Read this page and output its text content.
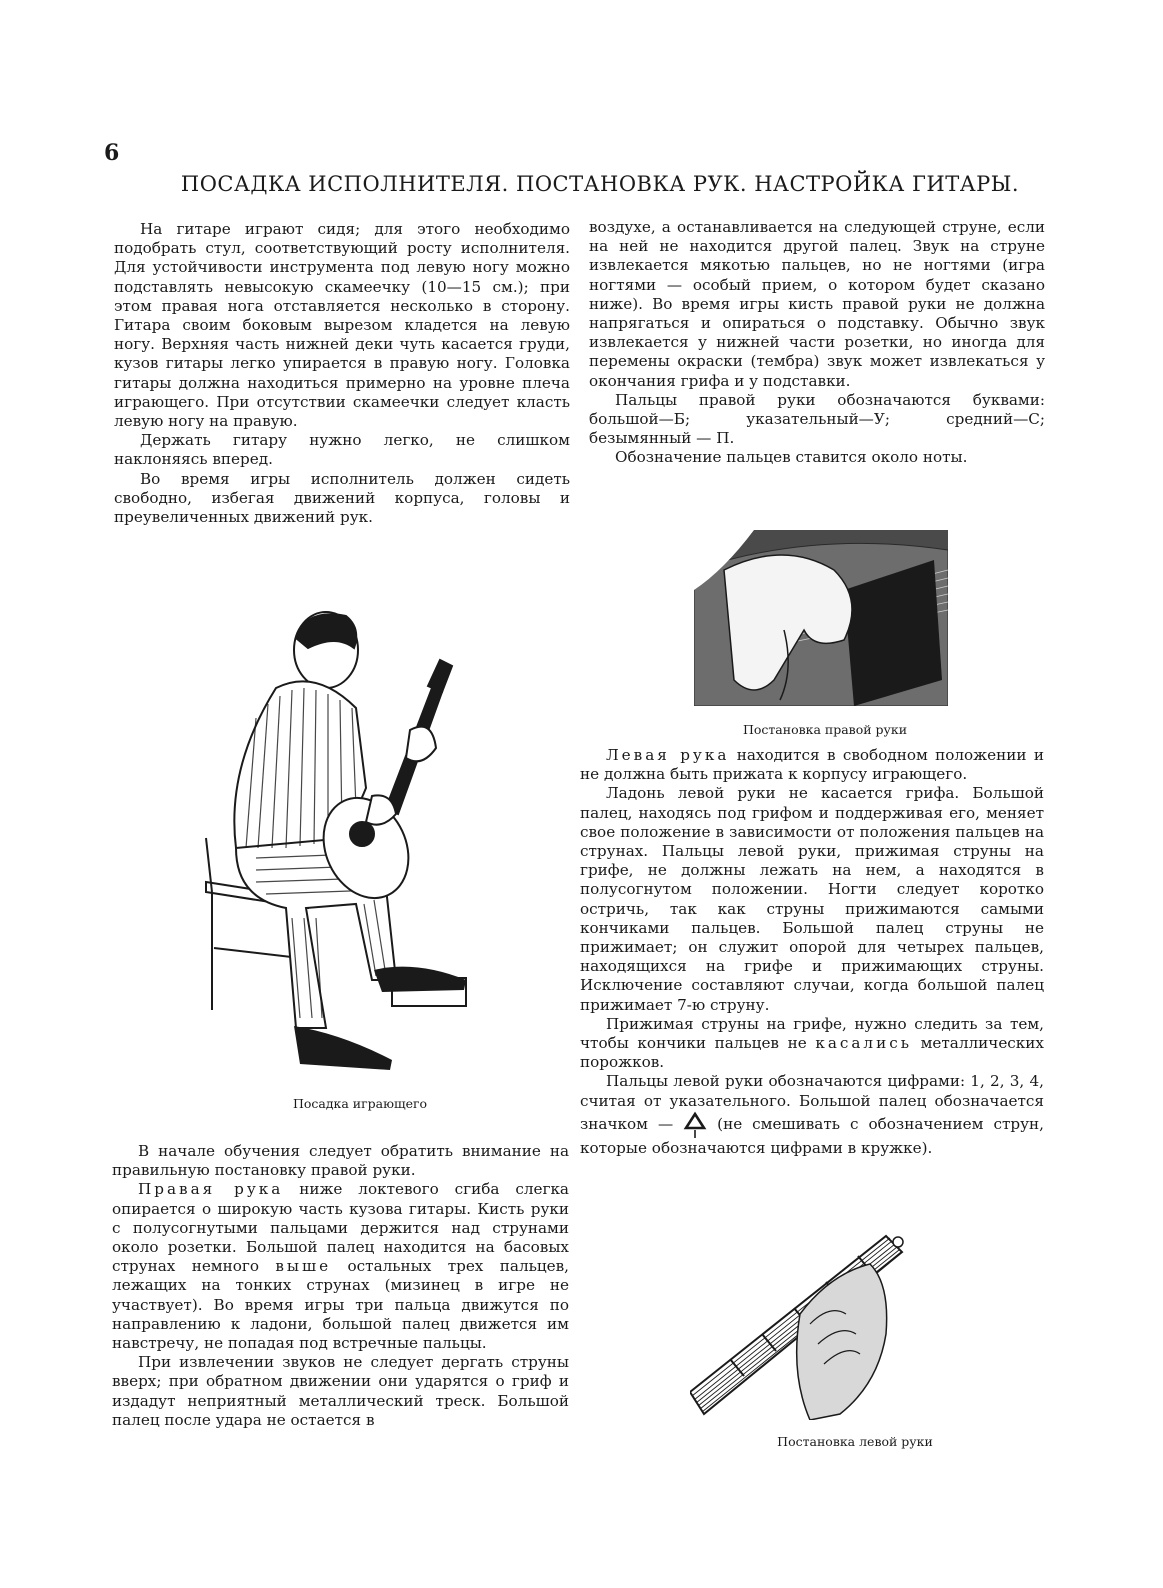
6
ПОСАДКА ИСПОЛНИТЕЛЯ. ПОСТАНОВКА РУК. НАСТРОЙКА ГИТАРЫ.

На гитаре играют сидя; для этого необходимо подобрать стул, соответствующий росту исполнителя. Для устойчивости инструмента под левую ногу можно подставлять невысокую скамеечку (10—15 см.); при этом правая нога отставляется несколько в сторону. Гитара своим боковым вырезом кладется на левую ногу. Верхняя часть нижней деки чуть касается груди, кузов гитары легко упирается в правую ногу. Головка гитары должна находиться примерно на уровне плеча играющего. При отсутствии скамеечки следует класть левую ногу на правую.

Держать гитару нужно легко, не слишком наклоняясь вперед.

Во время игры исполнитель должен сидеть свободно, избегая движений корпуса, головы и преувеличенных движений рук.

Посадка играющего

В начале обучения следует обратить внимание на правильную постановку правой руки.

Правая рука ниже локтевого сгиба слегка опирается о широкую часть кузова гитары. Кисть руки с полусогнутыми пальцами держится над струнами около розетки. Большой палец находится на басовых струнах немного выше остальных трех пальцев, лежащих на тонких струнах (мизинец в игре не участвует). Во время игры три пальца движутся по направлению к ладони, большой палец движется им навстречу, не попадая под встречные пальцы.

При извлечении звуков не следует дергать струны вверх; при обратном движении они ударятся о гриф и издадут неприятный металлический треск. Большой палец после удара не остается в

воздухе, а останавливается на следующей струне, если на ней не находится другой палец. Звук на струне извлекается мякотью пальцев, но не ногтями (игра ногтями — особый прием, о котором будет сказано ниже). Во время игры кисть правой руки не должна напрягаться и опираться о подставку. Обычно звук извлекается у нижней части розетки, но иногда для перемены окраски (тембра) звук может извлекаться у окончания грифа и у подставки.

Пальцы правой руки обозначаются буквами: большой—Б; указательный—У; средний—С; безымянный — П.

Обозначение пальцев ставится около ноты.

Постановка правой руки

Левая рука находится в свободном положении и не должна быть прижата к корпусу играющего.

Ладонь левой руки не касается грифа. Большой палец, находясь под грифом и поддерживая его, меняет свое положение в зависимости от положения пальцев на струнах. Пальцы левой руки, прижимая струны на грифе, не должны лежать на нем, а находятся в полусогнутом положении. Ногти следует коротко остричь, так как струны прижимаются самыми кончиками пальцев. Большой палец струны не прижимает; он служит опорой для четырех пальцев, находящихся на грифе и прижимающих струны. Исключение составляют случаи, когда большой палец прижимает 7-ю струну.

Прижимая струны на грифе, нужно следить за тем, чтобы кончики пальцев не касались металлических порожков.

Пальцы левой руки обозначаются цифрами: 1, 2, 3, 4, считая от указательного. Большой палец обозначается значком —  (не смешивать с обозначением струн, которые обозначаются цифрами в кружке).

Постановка левой руки
